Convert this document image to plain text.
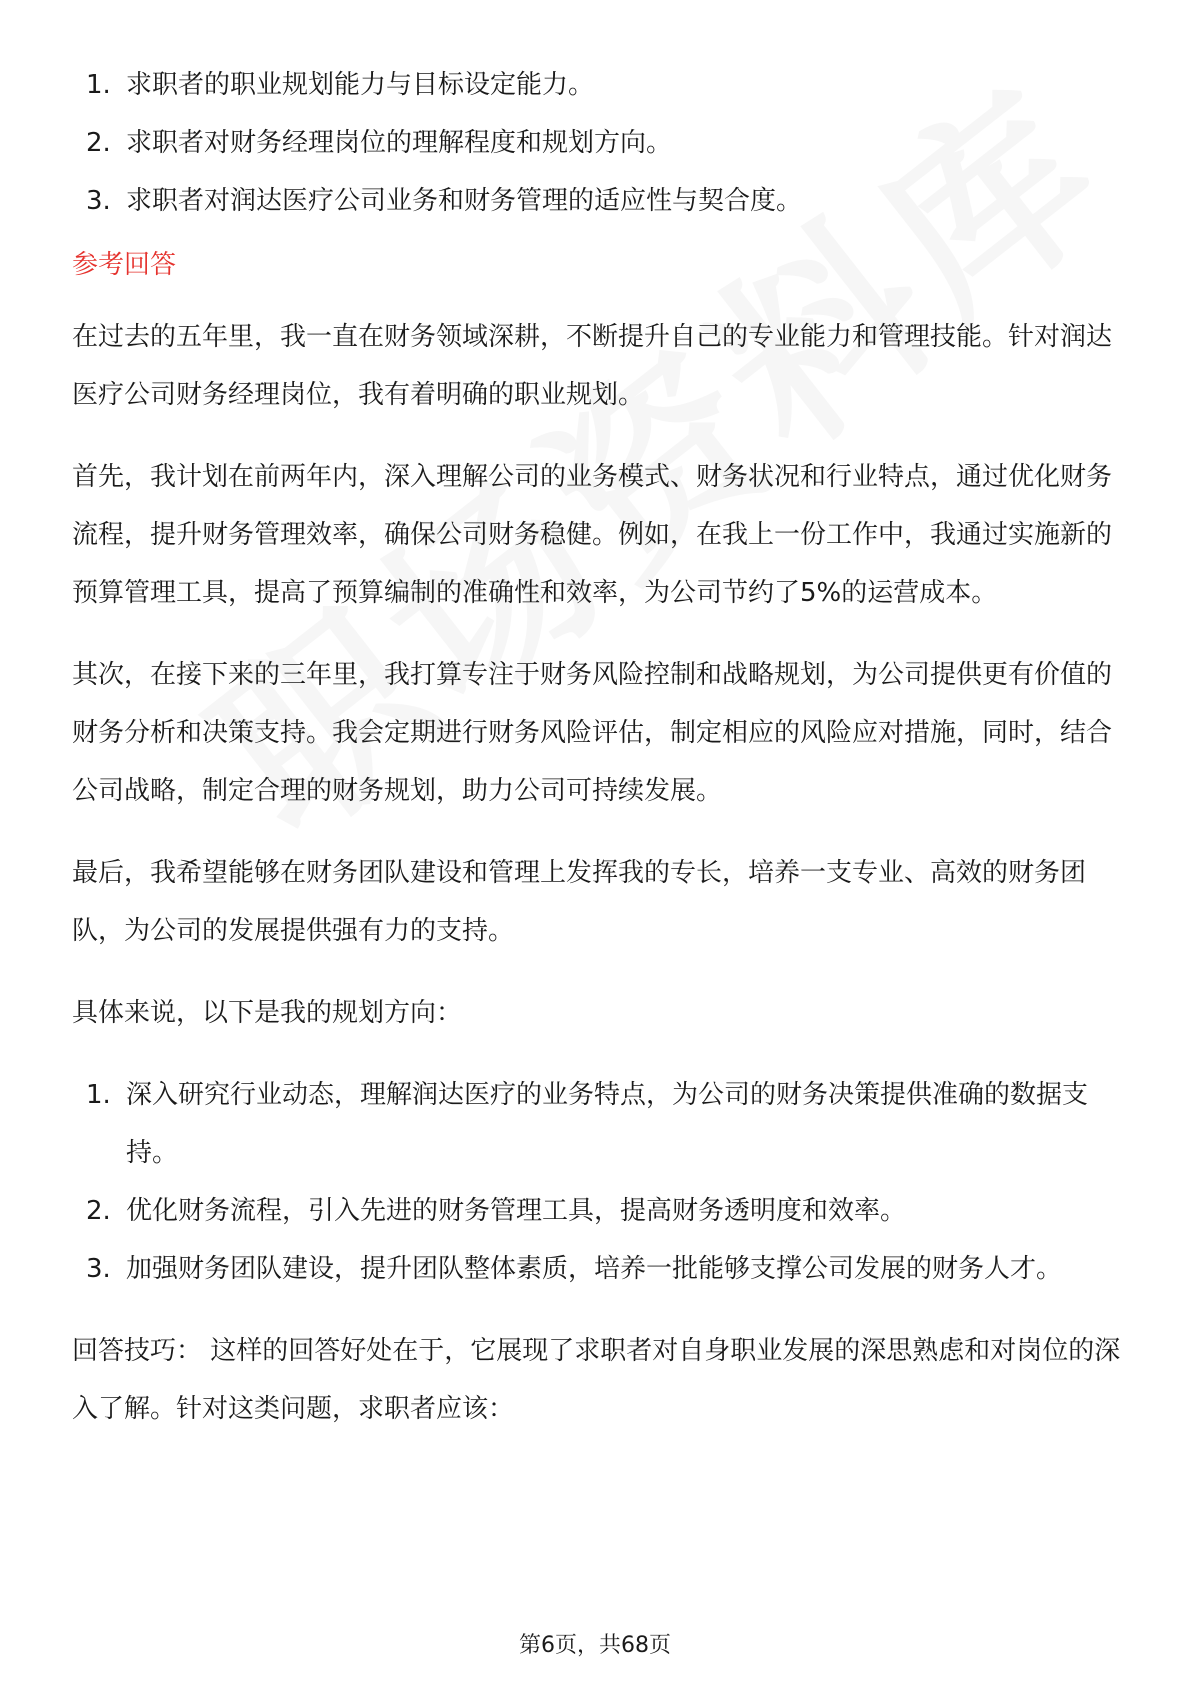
1. 求职者的职业规划能力与目标设定能力。
2. 求职者对财务经理岗位的理解程度和规划方向。
3. 求职者对润达医疗公司业务和财务管理的适应性与契合度。
参考回答

在过去的五年里，我一直在财务领域深耕，不断提升自己的专业能力和管理技能。针对润达医疗公司财务经理岗位，我有着明确的职业规划。

首先，我计划在前两年内，深入理解公司的业务模式、财务状况和行业特点，通过优化财务流程，提升财务管理效率，确保公司财务稳健。例如，在我上一份工作中，我通过实施新的预算管理工具，提高了预算编制的准确性和效率，为公司节约了5%的运营成本。

其次，在接下来的三年里，我打算专注于财务风险控制和战略规划，为公司提供更有价值的财务分析和决策支持。我会定期进行财务风险评估，制定相应的风险应对措施，同时，结合公司战略，制定合理的财务规划，助力公司可持续发展。

最后，我希望能够在财务团队建设和管理上发挥我的专长，培养一支专业、高效的财务团队，为公司的发展提供强有力的支持。

具体来说，以下是我的规划方向：

1. 深入研究行业动态，理解润达医疗的业务特点，为公司的财务决策提供准确的数据支持。
2. 优化财务流程，引入先进的财务管理工具，提高财务透明度和效率。
3. 加强财务团队建设，提升团队整体素质，培养一批能够支撑公司发展的财务人才。

回答技巧： 这样的回答好处在于，它展现了求职者对自身职业发展的深思熟虑和对岗位的深入了解。针对这类问题，求职者应该：

第6页，共68页
